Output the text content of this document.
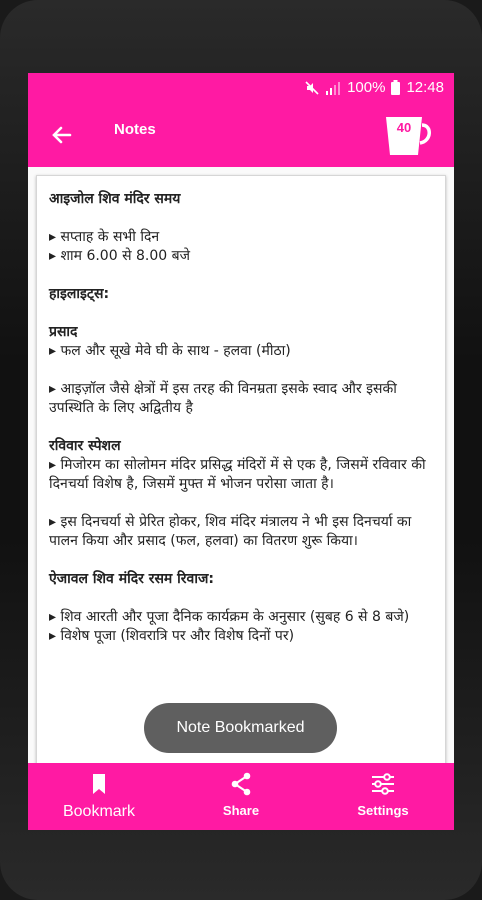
100% 12:48
Notes	40

आइजोल शिव मंदिर समय

▸ सप्ताह के सभी दिन

▸ शाम 6.00 से 8.00 बजे

हाइलाइट्स:

प्रसाद

▸ फल और सूखे मेवे घी के साथ - हलवा (मीठा)

▸ आइज़ॉल जैसे क्षेत्रों में इस तरह की विनम्रता इसके स्वाद और इसकी उपस्थिति के लिए अद्वितीय है

रविवार स्पेशल

▸ मिजोरम का सोलोमन मंदिर प्रसिद्ध मंदिरों में से एक है, जिसमें रविवार की दिनचर्या विशेष है, जिसमें मुफ्त में भोजन परोसा जाता है।

▸ इस दिनचर्या से प्रेरित होकर, शिव मंदिर मंत्रालय ने भी इस दिनचर्या का पालन किया और प्रसाद (फल, हलवा) का वितरण शुरू किया।

ऐजावल शिव मंदिर रसम रिवाज:

▸ शिव आरती और पूजा दैनिक कार्यक्रम के अनुसार (सुबह 6 से 8 बजे)

▸ विशेष पूजा (शिवरात्रि पर और विशेष दिनों पर)

Note Bookmarked
Bookmark	Share	Settings
